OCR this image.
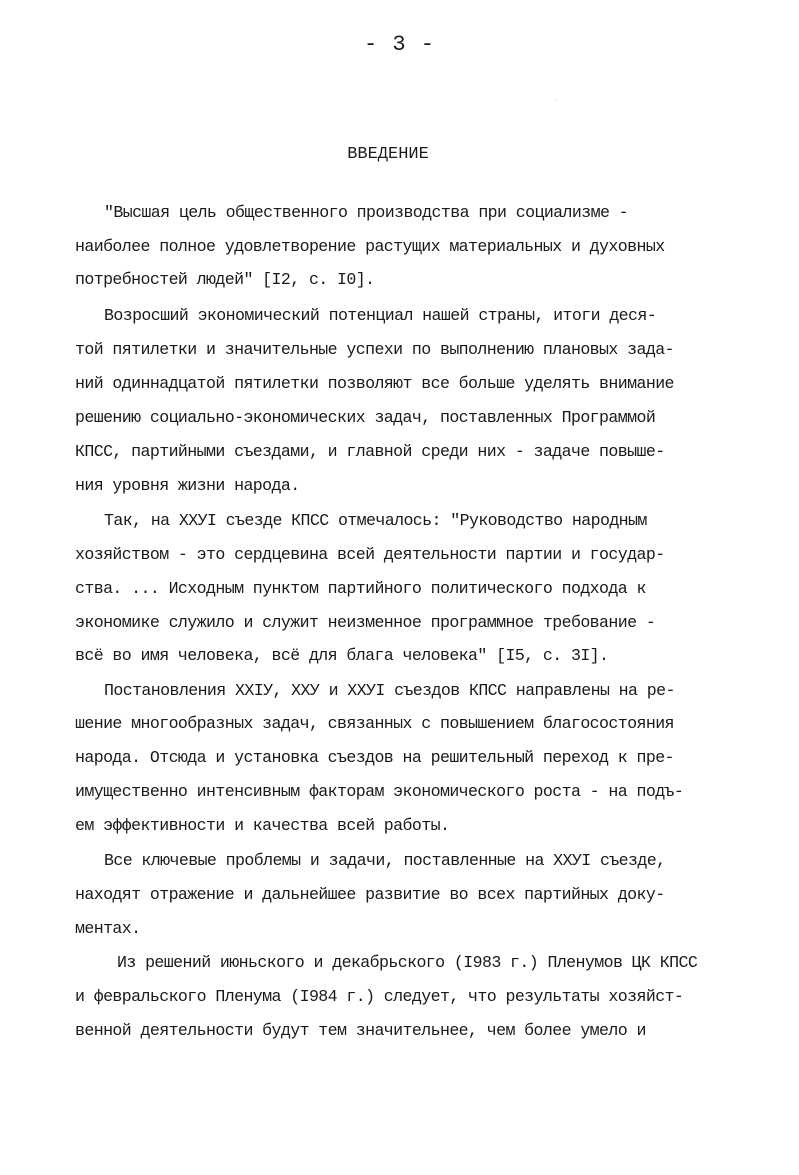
- 3 -
ВВЕДЕНИЕ
"Высшая цель общественного производства при социализме -
наиболее полное удовлетворение растущих материальных и духовных
потребностей людей" [I2, с. I0].
Возросший экономический потенциал нашей страны, итоги деся-
той пятилетки и значительные успехи по выполнению плановых зада-
ний одиннадцатой пятилетки позволяют все больше уделять внимание
решению социально-экономических задач, поставленных Программой
КПСС, партийными съездами, и главной среди них - задаче повыше-
ния уровня жизни народа.
Так, на ХХУI съезде КПСС отмечалось: "Руководство народным
хозяйством - это сердцевина всей деятельности партии и государ-
ства. ... Исходным пунктом партийного политического подхода к
экономике служило и служит неизменное программное требование -
всё во имя человека, всё для блага человека" [I5, с. 3I].
Постановления ХХIУ, ХХУ и ХХУI съездов КПСС направлены на ре-
шение многообразных задач, связанных с повышением благосостояния
народа. Отсюда и установка съездов на решительный переход к пре-
имущественно интенсивным факторам экономического роста - на подъ-
ем эффективности и качества всей работы.
Все ключевые проблемы и задачи, поставленные на ХХУI съезде,
находят отражение и дальнейшее развитие во всех партийных доку-
ментах.
Из решений июньского и декабрьского (I983 г.) Пленумов ЦК КПСС
и февральского Пленума (I984 г.) следует, что результаты хозяйст-
венной деятельности будут тем значительнее, чем более умело и
